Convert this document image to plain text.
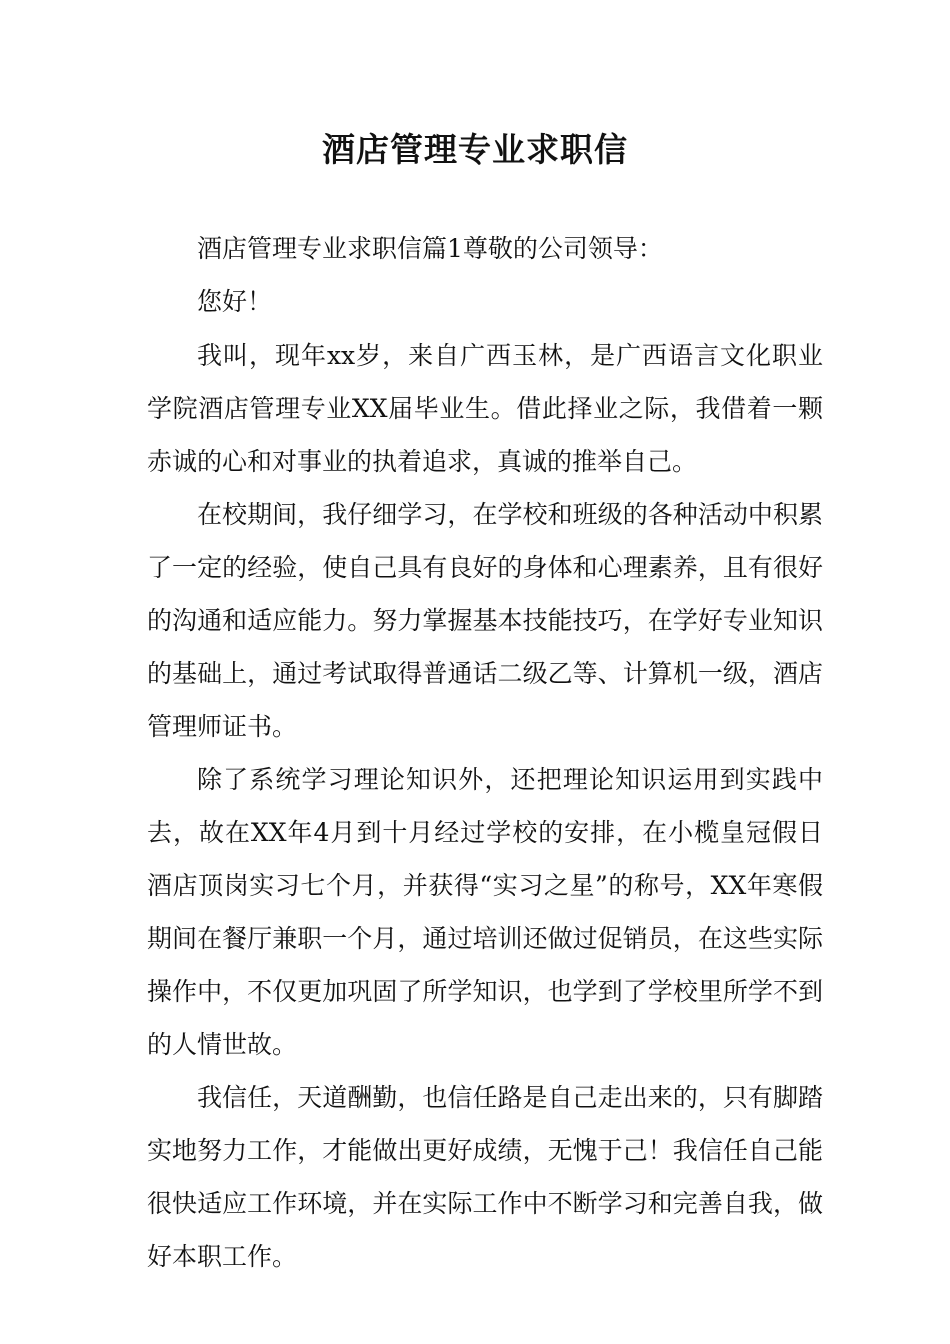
酒店管理专业求职信

酒店管理专业求职信篇1尊敬的公司领导：

您好！

我叫，现年xx岁，来自广西玉林，是广西语言文化职业学院酒店管理专业XX届毕业生。借此择业之际，我借着一颗赤诚的心和对事业的执着追求，真诚的推举自己。

在校期间，我仔细学习，在学校和班级的各种活动中积累了一定的经验，使自己具有良好的身体和心理素养，且有很好的沟通和适应能力。努力掌握基本技能技巧，在学好专业知识的基础上，通过考试取得普通话二级乙等、计算机一级，酒店管理师证书。

除了系统学习理论知识外，还把理论知识运用到实践中去，故在XX年4月到十月经过学校的安排，在小榄皇冠假日酒店顶岗实习七个月，并获得“实习之星”的称号，XX年寒假期间在餐厅兼职一个月，通过培训还做过促销员，在这些实际操作中，不仅更加巩固了所学知识，也学到了学校里所学不到的人情世故。

我信任，天道酬勤，也信任路是自己走出来的，只有脚踏实地努力工作，才能做出更好成绩，无愧于己！我信任自己能很快适应工作环境，并在实际工作中不断学习和完善自我，做好本职工作。
